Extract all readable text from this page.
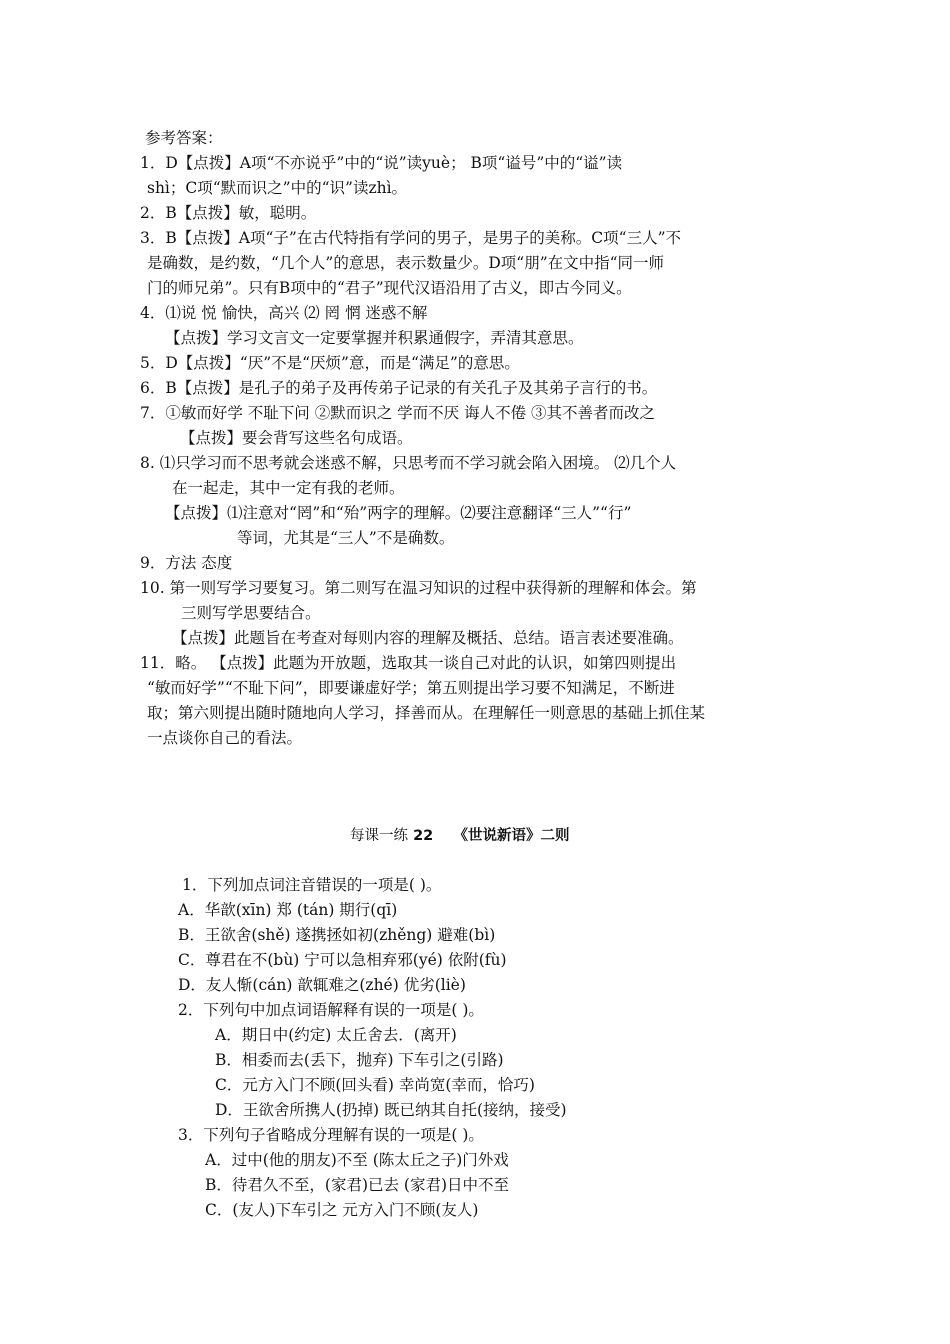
参考答案：
1．D【点拨】A项“不亦说乎”中的“说”读yuè； B项“谥号”中的“谥”读
shì；C项“默而识之”中的“识”读zhì。
2．B【点拨】敏，聪明。
3．B【点拨】A项“子”在古代特指有学问的男子，是男子的美称。C项“三人”不
是确数，是约数，“几个人”的意思，表示数量少。D项“朋”在文中指“同一师
门的师兄弟”。只有B项中的“君子”现代汉语沿用了古义，即古今同义。
4．⑴说 悦 愉快，高兴 ⑵ 罔 惘 迷惑不解
【点拨】学习文言文一定要掌握并积累通假字，弄清其意思。
5．D【点拨】“厌”不是“厌烦”意，而是“满足”的意思。
6．B【点拨】是孔子的弟子及再传弟子记录的有关孔子及其弟子言行的书。
7．①敏而好学 不耻下问 ②默而识之 学而不厌 诲人不倦 ③其不善者而改之
【点拨】要会背写这些名句成语。
8. ⑴只学习而不思考就会迷惑不解，只思考而不学习就会陷入困境。 ⑵几个人
在一起走，其中一定有我的老师。
【点拨】⑴注意对“罔”和“殆”两字的理解。⑵要注意翻译“三人”“行”
等词，尤其是“三人”不是确数。
9．方法 态度
10. 第一则写学习要复习。第二则写在温习知识的过程中获得新的理解和体会。第
三则写学思要结合。
【点拨】此题旨在考查对每则内容的理解及概括、总结。语言表述要准确。
11．略。 【点拨】此题为开放题，选取其一谈自己对此的认识，如第四则提出
“敏而好学”“不耻下问”，即要谦虚好学；第五则提出学习要不知满足，不断进
取；第六则提出随时随地向人学习，择善而从。在理解任一则意思的基础上抓住某
一点谈你自己的看法。
每课一练 22 《世说新语》二则
1．下列加点词注音错误的一项是( )。
A．华歆(xīn) 郑 (tán) 期行(qī)
B．王欲舍(shě) 遂携拯如初(zhěng) 避难(bì)
C．尊君在不(bù) 宁可以急相弃邪(yé) 依附(fù)
D．友人惭(cán) 歆辄难之(zhé) 优劣(liè)
2．下列句中加点词语解释有误的一项是( )。
A．期日中(约定) 太丘舍去．(离开)
B．相委而去(丢下，抛弃) 下车引之(引路)
C．元方入门不顾(回头看) 幸尚宽(幸而，恰巧)
D．王欲舍所携人(扔掉) 既已纳其自托(接纳，接受)
3．下列句子省略成分理解有误的一项是( )。
A．过中(他的朋友)不至 (陈太丘之子)门外戏
B．待君久不至，(家君)已去 (家君)日中不至
C．(友人)下车引之 元方入门不顾(友人)
